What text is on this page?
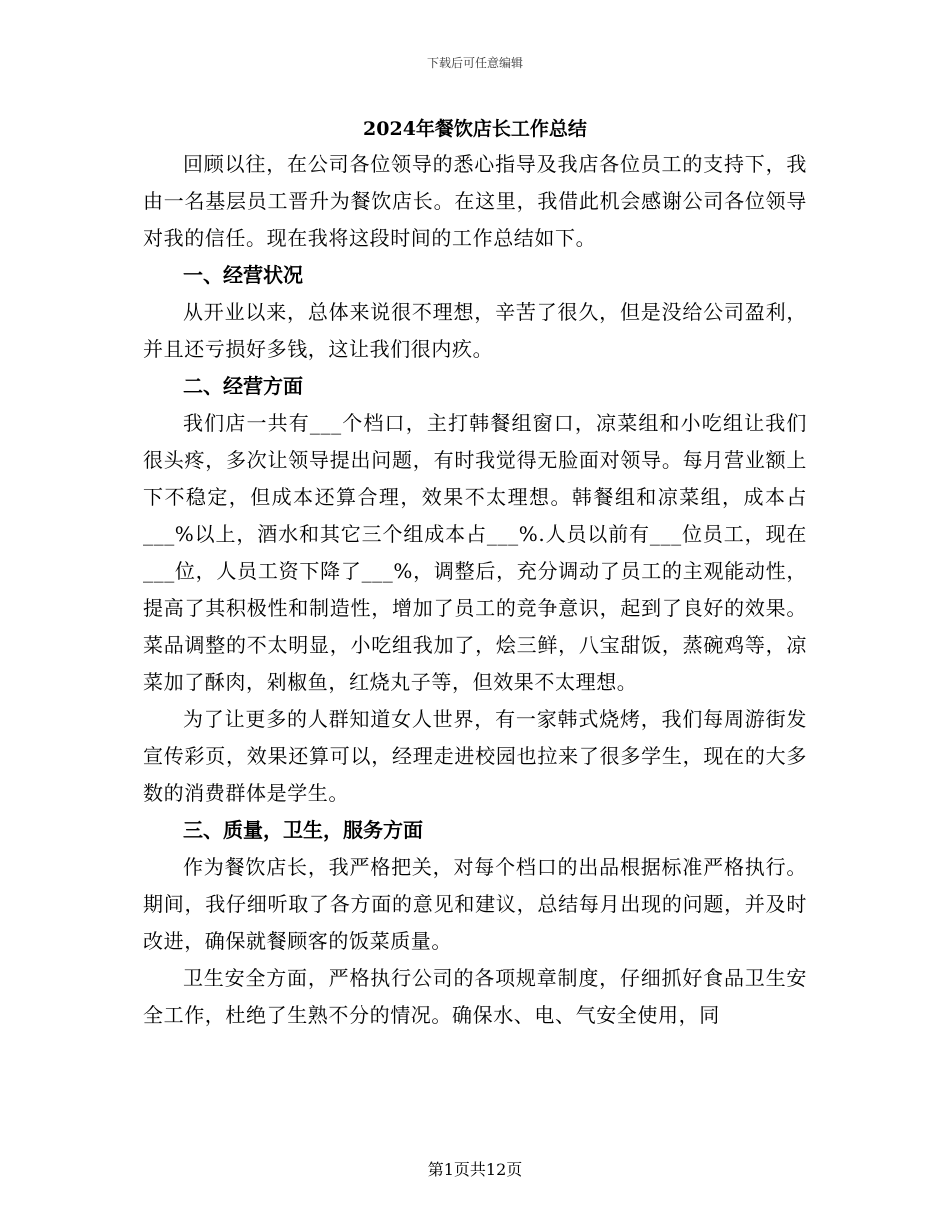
下载后可任意编辑
2024年餐饮店长工作总结

回顾以往，在公司各位领导的悉心指导及我店各位员工的支持下，我由一名基层员工晋升为餐饮店长。在这里，我借此机会感谢公司各位领导对我的信任。现在我将这段时间的工作总结如下。

一、经营状况

从开业以来，总体来说很不理想，辛苦了很久，但是没给公司盈利，并且还亏损好多钱，这让我们很内疚。

二、经营方面

我们店一共有___个档口，主打韩餐组窗口，凉菜组和小吃组让我们很头疼，多次让领导提出问题，有时我觉得无脸面对领导。每月营业额上下不稳定，但成本还算合理，效果不太理想。韩餐组和凉菜组，成本占___%以上，酒水和其它三个组成本占___%.人员以前有___位员工，现在___位，人员工资下降了___%，调整后，充分调动了员工的主观能动性，提高了其积极性和制造性，增加了员工的竞争意识，起到了良好的效果。菜品调整的不太明显，小吃组我加了，烩三鲜，八宝甜饭，蒸碗鸡等，凉菜加了酥肉，剁椒鱼，红烧丸子等，但效果不太理想。

为了让更多的人群知道女人世界，有一家韩式烧烤，我们每周游街发宣传彩页，效果还算可以，经理走进校园也拉来了很多学生，现在的大多数的消费群体是学生。

三、质量，卫生，服务方面

作为餐饮店长，我严格把关，对每个档口的出品根据标准严格执行。期间，我仔细听取了各方面的意见和建议，总结每月出现的问题，并及时改进，确保就餐顾客的饭菜质量。

卫生安全方面，严格执行公司的各项规章制度，仔细抓好食品卫生安全工作，杜绝了生熟不分的情况。确保水、电、气安全使用，同

第1页共12页
